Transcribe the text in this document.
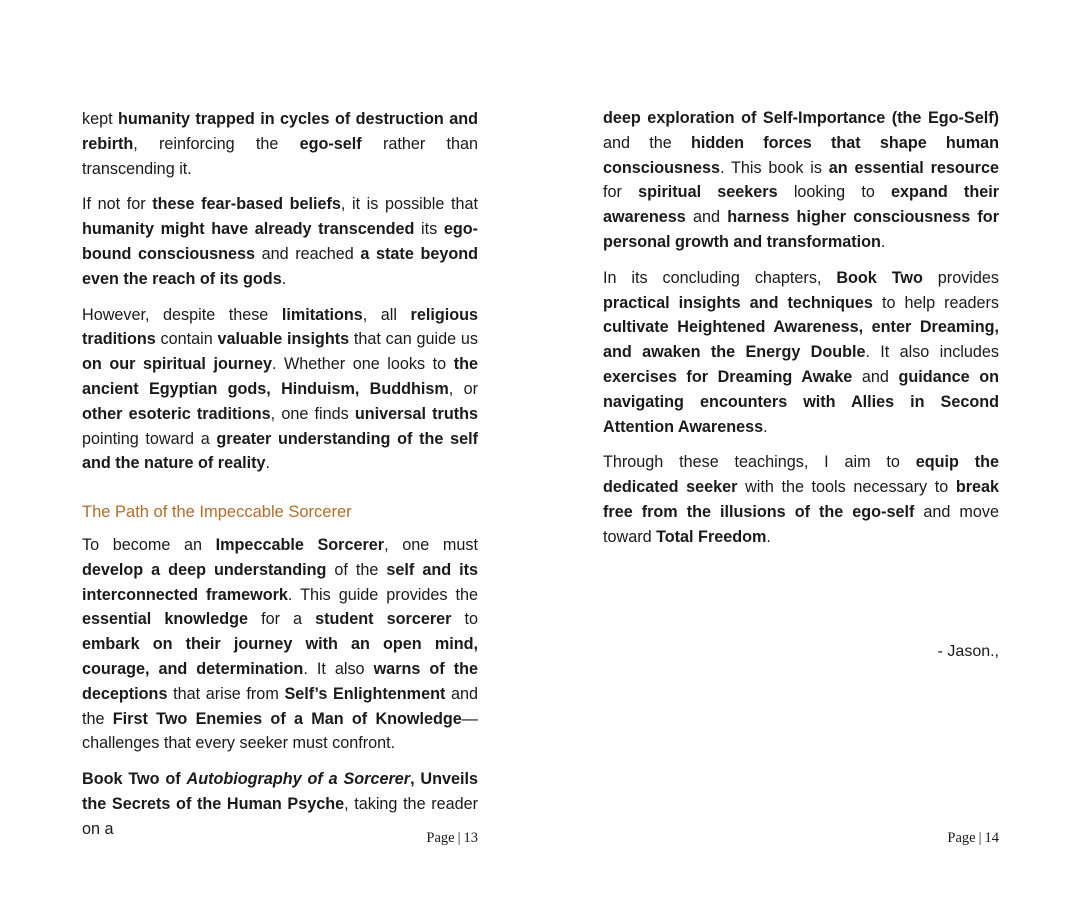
kept humanity trapped in cycles of destruction and rebirth, reinforcing the ego-self rather than transcending it.

If not for these fear-based beliefs, it is possible that humanity might have already transcended its ego-bound consciousness and reached a state beyond even the reach of its gods.

However, despite these limitations, all religious traditions contain valuable insights that can guide us on our spiritual journey. Whether one looks to the ancient Egyptian gods, Hinduism, Buddhism, or other esoteric traditions, one finds universal truths pointing toward a greater understanding of the self and the nature of reality.

The Path of the Impeccable Sorcerer

To become an Impeccable Sorcerer, one must develop a deep understanding of the self and its interconnected framework. This guide provides the essential knowledge for a student sorcerer to embark on their journey with an open mind, courage, and determination. It also warns of the deceptions that arise from Self’s Enlightenment and the First Two Enemies of a Man of Knowledge—challenges that every seeker must confront.

Book Two of Autobiography of a Sorcerer, Unveils the Secrets of the Human Psyche, taking the reader on a

Page | 13

deep exploration of Self-Importance (the Ego-Self) and the hidden forces that shape human consciousness. This book is an essential resource for spiritual seekers looking to expand their awareness and harness higher consciousness for personal growth and transformation.

In its concluding chapters, Book Two provides practical insights and techniques to help readers cultivate Heightened Awareness, enter Dreaming, and awaken the Energy Double. It also includes exercises for Dreaming Awake and guidance on navigating encounters with Allies in Second Attention Awareness.

Through these teachings, I aim to equip the dedicated seeker with the tools necessary to break free from the illusions of the ego-self and move toward Total Freedom.

- Jason.,
Page | 14
